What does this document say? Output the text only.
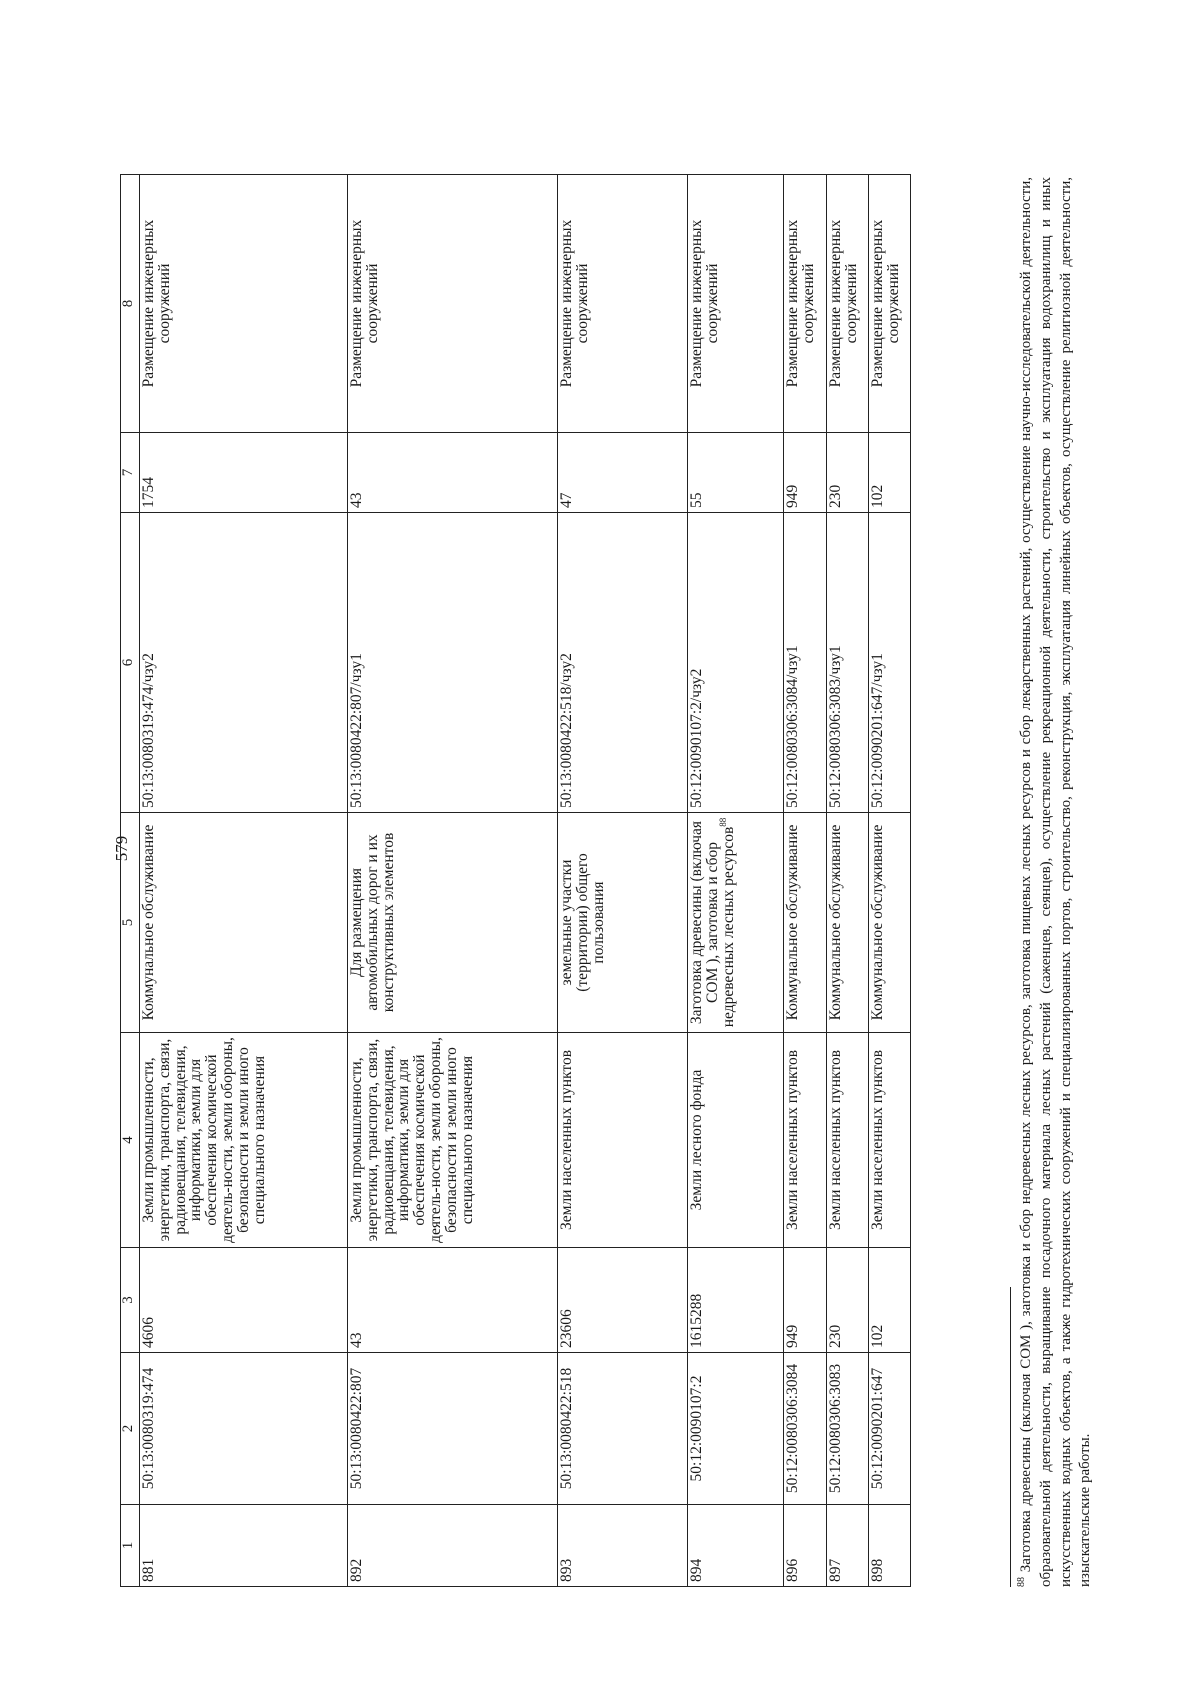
579
1	2	3	4	5	6	7	8
881	50:13:0080319:474	4606	Земли промышленности, энергетики, транспорта, связи, радиовещания, телевидения, информатики, земли для обеспечения космической деятель-ности, земли обороны, безопасности и земли иного специального назначения	Коммунальное обслуживание	50:13:0080319:474/чзу2	1754	Размещение инженерных сооружений
892	50:13:0080422:807	43	Земли промышленности, энергетики, транспорта, связи, радиовещания, телевидения, информатики, земли для обеспечения космической деятель-ности, земли обороны, безопасности и земли иного специального назначения	Для размещения автомобильных дорог и их конструктивных элементов	50:13:0080422:807/чзу1	43	Размещение инженерных сооружений
893	50:13:0080422:518	23606	Земли населенных пунктов	земельные участки (территории) общего пользования	50:13:0080422:518/чзу2	47	Размещение инженерных сооружений
894	50:12:0090107:2	1615288	Земли лесного фонда	Заготовка древесины (включая СОМ ), заготовка и сбор недревесных лесных ресурсов$^{88}$	50:12:0090107:2/чзу2	55	Размещение инженерных сооружений
896	50:12:0080306:3084	949	Земли населенных пунктов	Коммунальное обслуживание	50:12:0080306:3084/чзу1	949	Размещение инженерных сооружений
897	50:12:0080306:3083	230	Земли населенных пунктов	Коммунальное обслуживание	50:12:0080306:3083/чзу1	230	Размещение инженерных сооружений
898	50:12:0090201:647	102	Земли населенных пунктов	Коммунальное обслуживание	50:12:0090201:647/чзу1	102	Размещение инженерных сооружений
$^{88}$ Заготовка древесины (включая СОМ ), заготовка и сбор недревесных лесных ресурсов, заготовка пищевых лесных ресурсов и сбор лекарственных растений, осуществление научно-исследовательской деятельности, образовательной деятельности, выращивание посадочного материала лесных растений (саженцев, сеянцев), осуществление рекреационной деятельности, строительство и эксплуатация водохранилищ и иных искусственных водных объектов, а также гидротехнических сооружений и специализированных портов, строительство, реконструкция, эксплуатация линейных объектов, осуществление религиозной деятельности, изыскательские работы.
